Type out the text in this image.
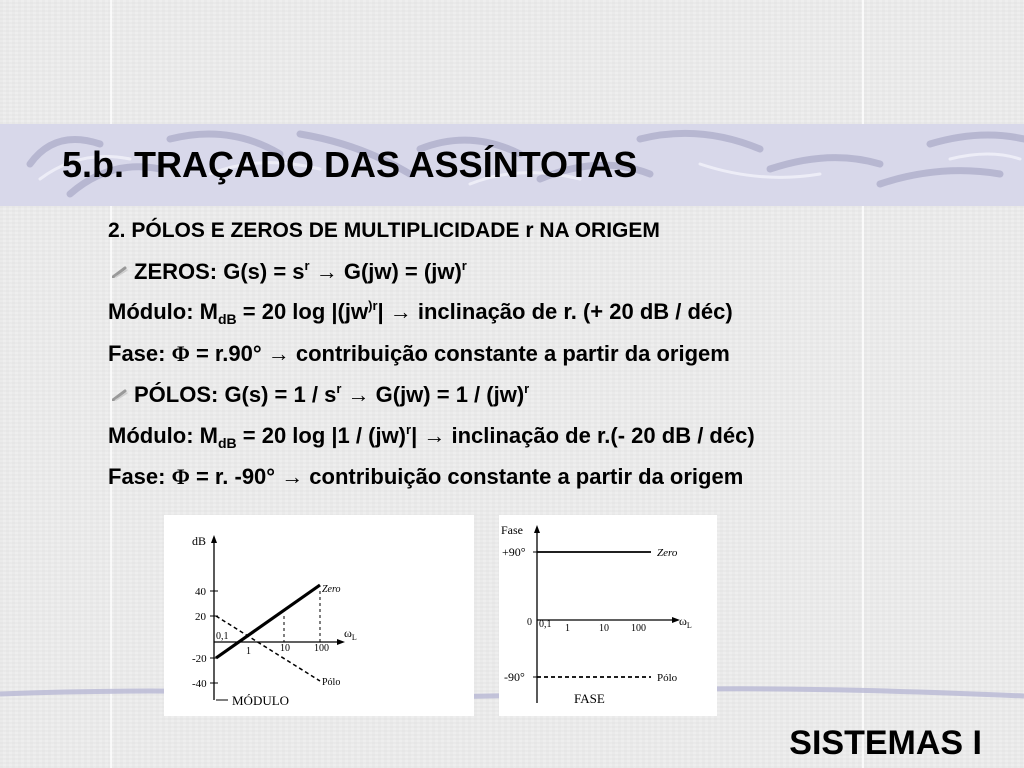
5.b. TRAÇADO DAS ASSÍNTOTAS
2. PÓLOS E ZEROS DE MULTIPLICIDADE r NA ORIGEM
ZEROS: $G(s) = s^r \to G(jw) = (jw)^r$
Módulo: $M_{dB} = 20$ $\log |(jw^{)r}|$ → inclinação de r. (+ 20 dB / déc)
Fase: Φ = r.90° → contribuição constante a partir da origem
PÓLOS: $G(s) = 1 / s^r \to G(jw) = 1 / (jw)^r$
Módulo: $M_{dB} = 20$ log |1 / (jw)$^r$| → inclinação de r.(- 20 dB / déc)
Fase: Φ = r. -90° → contribuição constante a partir da origem
dB
40
20
-20
-40
0,1
1	10 100
$\omega_L$
Zero
Pólo
MÓDULO
Fase
+90°
-90°
0 0,1 1	10 100
$\omega_L$
Zero
Pólo
FASE
SISTEMAS I
